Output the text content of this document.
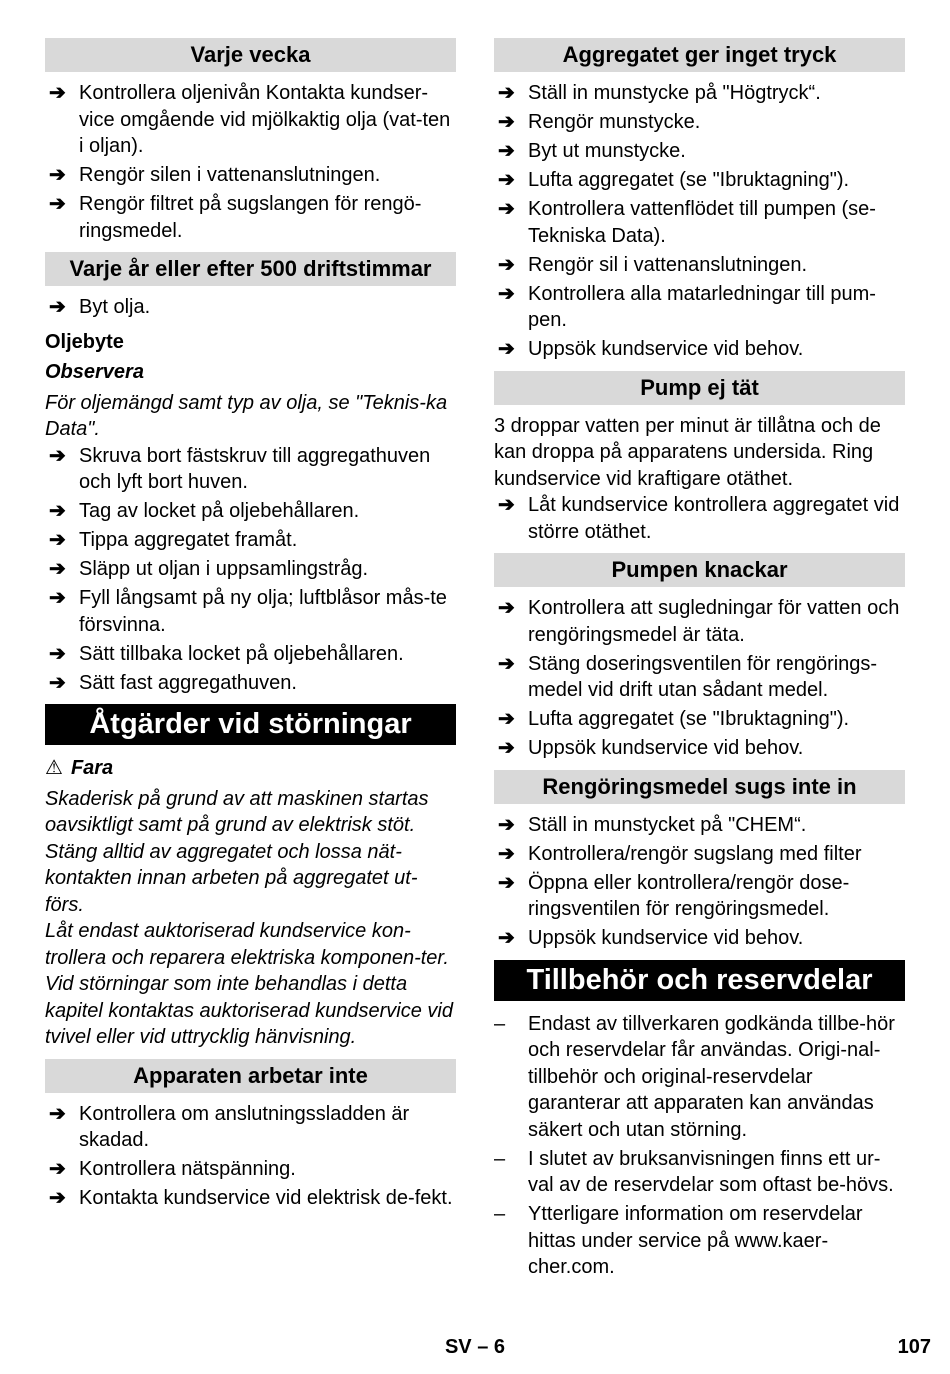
Varje vecka
➔ Kontrollera oljenivån Kontakta kundser-vice omgående vid mjölkaktig olja (vat-ten i oljan).
➔ Rengör silen i vattenanslutningen.
➔ Rengör filtret på sugslangen för rengö-ringsmedel.
Varje år eller efter 500 driftstimmar
➔ Byt olja.
Oljebyte
Observera
För oljemängd samt typ av olja, se "Teknis-ka Data".
➔ Skruva bort fästskruv till aggregathuven och lyft bort huven.
➔ Tag av locket på oljebehållaren.
➔ Tippa aggregatet framåt.
➔ Släpp ut oljan i uppsamlingstråg.
➔ Fyll långsamt på ny olja; luftblåsor mås-te försvinna.
➔ Sätt tillbaka locket på oljebehållaren.
➔ Sätt fast aggregathuven.
Åtgärder vid störningar
⚠ Fara
Skaderisk på grund av att maskinen startas oavsiktligt samt på grund av elektrisk stöt. Stäng alltid av aggregatet och lossa nät-kontakten innan arbeten på aggregatet ut-förs.
Låt endast auktoriserad kundservice kon-trollera och reparera elektriska komponen-ter.
Vid störningar som inte behandlas i detta kapitel kontaktas auktoriserad kundservice vid tvivel eller vid uttrycklig hänvisning.
Apparaten arbetar inte
➔ Kontrollera om anslutningssladden är skadad.
➔ Kontrollera nätspänning.
➔ Kontakta kundservice vid elektrisk de-fekt.
Aggregatet ger inget tryck
➔ Ställ in munstycke på "Högtryck“.
➔ Rengör munstycke.
➔ Byt ut munstycke.
➔ Lufta aggregatet (se "Ibruktagning").
➔ Kontrollera vattenflödet till pumpen (se-Tekniska Data).
➔ Rengör sil i vattenanslutningen.
➔ Kontrollera alla matarledningar till pum-pen.
➔ Uppsök kundservice vid behov.
Pump ej tät
3 droppar vatten per minut är tillåtna och de kan droppa på apparatens undersida. Ring kundservice vid kraftigare otäthet.
➔ Låt kundservice kontrollera aggregatet vid större otäthet.
Pumpen knackar
➔ Kontrollera att sugledningar för vatten och rengöringsmedel är täta.
➔ Stäng doseringsventilen för rengörings-medel vid drift utan sådant medel.
➔ Lufta aggregatet (se "Ibruktagning").
➔ Uppsök kundservice vid behov.
Rengöringsmedel sugs inte in
➔ Ställ in munstycket på "CHEM“.
➔ Kontrollera/rengör sugslang med filter
➔ Öppna eller kontrollera/rengör dose-ringsventilen för rengöringsmedel.
➔ Uppsök kundservice vid behov.
Tillbehör och reservdelar
– Endast av tillverkaren godkända tillbe-hör och reservdelar får användas. Origi-nal-tillbehör och original-reservdelar garanterar att apparaten kan användas säkert och utan störning.
– I slutet av bruksanvisningen finns ett ur-val av de reservdelar som oftast be-hövs.
– Ytterligare information om reservdelar hittas under service på www.kaer-cher.com.
SV – 6	107
